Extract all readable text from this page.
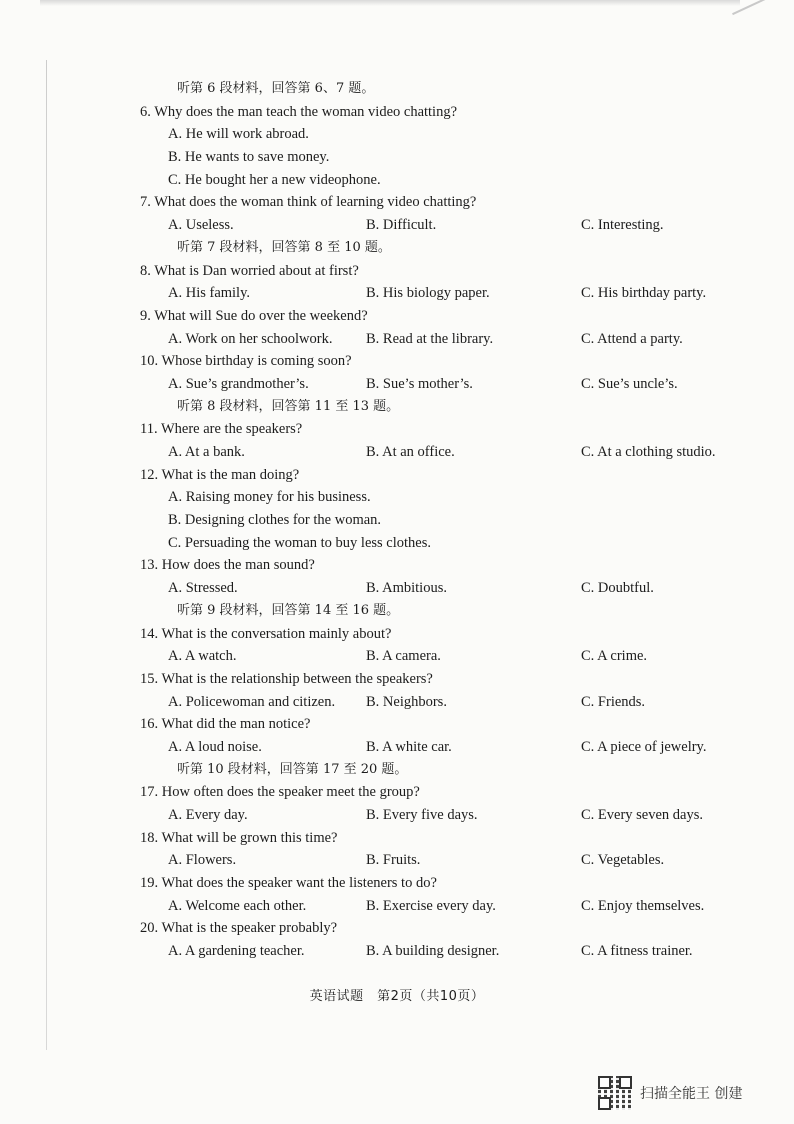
听第 6 段材料，回答第 6、7 题。
6. Why does the man teach the woman video chatting?
A. He will work abroad.
B. He wants to save money.
C. He bought her a new videophone.
7. What does the woman think of learning video chatting?
A. Useless.	B. Difficult.	C. Interesting.
听第 7 段材料，回答第 8 至 10 题。
8. What is Dan worried about at first?
A. His family.	B. His biology paper.	C. His birthday party.
9. What will Sue do over the weekend?
A. Work on her schoolwork.	B. Read at the library.	C. Attend a party.
10. Whose birthday is coming soon?
A. Sue’s grandmother’s.	B. Sue’s mother’s.	C. Sue’s uncle’s.
听第 8 段材料，回答第 11 至 13 题。
11. Where are the speakers?
A. At a bank.	B. At an office.	C. At a clothing studio.
12. What is the man doing?
A. Raising money for his business.
B. Designing clothes for the woman.
C. Persuading the woman to buy less clothes.
13. How does the man sound?
A. Stressed.	B. Ambitious.	C. Doubtful.
听第 9 段材料，回答第 14 至 16 题。
14. What is the conversation mainly about?
A. A watch.	B. A camera.	C. A crime.
15. What is the relationship between the speakers?
A. Policewoman and citizen.	B. Neighbors.	C. Friends.
16. What did the man notice?
A. A loud noise.	B. A white car.	C. A piece of jewelry.
听第 10 段材料，回答第 17 至 20 题。
17. How often does the speaker meet the group?
A. Every day.	B. Every five days.	C. Every seven days.
18. What will be grown this time?
A. Flowers.	B. Fruits.	C. Vegetables.
19. What does the speaker want the listeners to do?
A. Welcome each other.	B. Exercise every day.	C. Enjoy themselves.
20. What is the speaker probably?
A. A gardening teacher.	B. A building designer.	C. A fitness trainer.
英语试题　第2页（共10页）
扫描全能王 创建
